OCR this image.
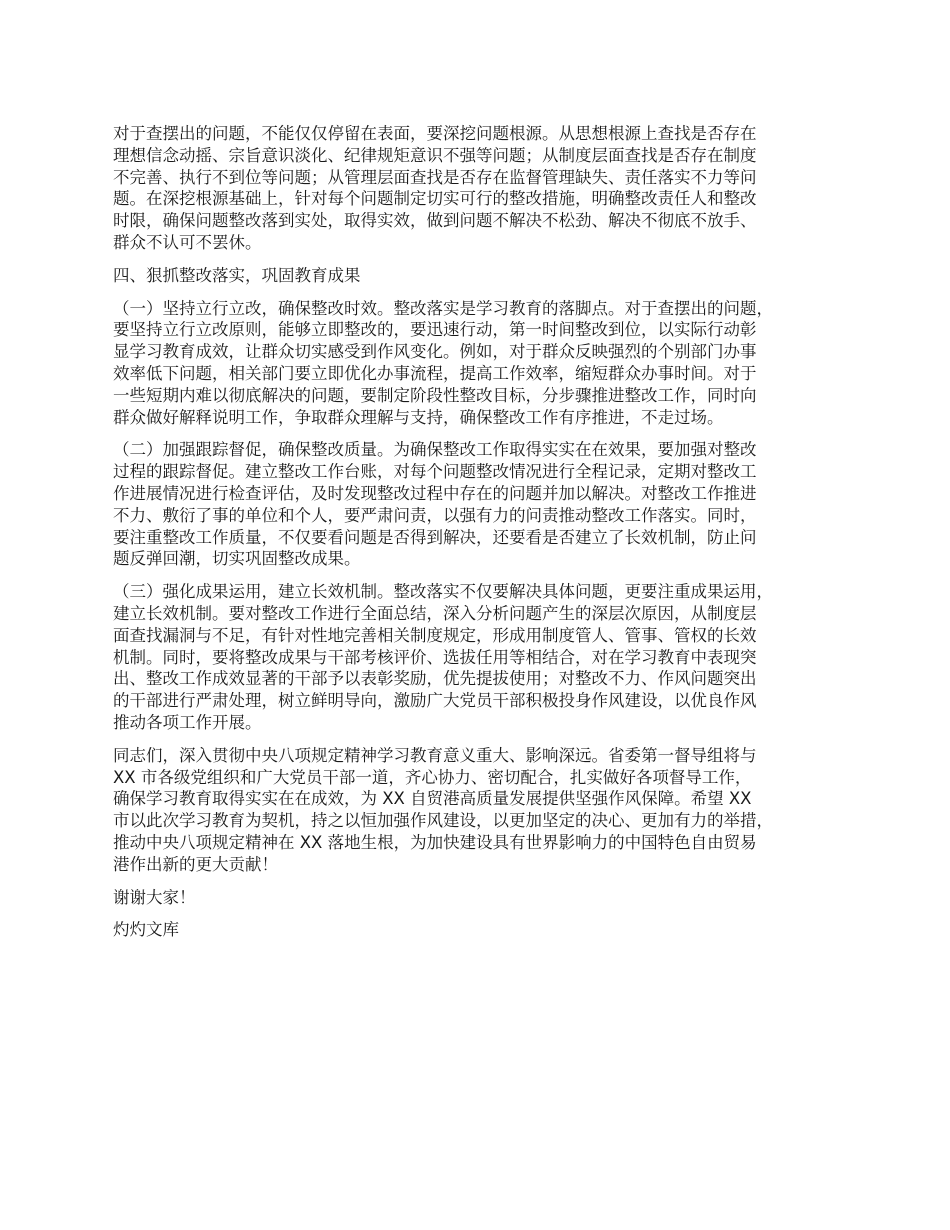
对于查摆出的问题，不能仅仅停留在表面，要深挖问题根源。从思想根源上查找是否存在
理想信念动摇、宗旨意识淡化、纪律规矩意识不强等问题；从制度层面查找是否存在制度
不完善、执行不到位等问题；从管理层面查找是否存在监督管理缺失、责任落实不力等问
题。在深挖根源基础上，针对每个问题制定切实可行的整改措施，明确整改责任人和整改
时限，确保问题整改落到实处，取得实效，做到问题不解决不松劲、解决不彻底不放手、
群众不认可不罢休。

四、狠抓整改落实，巩固教育成果

（一）坚持立行立改，确保整改时效。整改落实是学习教育的落脚点。对于查摆出的问题，
要坚持立行立改原则，能够立即整改的，要迅速行动，第一时间整改到位，以实际行动彰
显学习教育成效，让群众切实感受到作风变化。例如，对于群众反映强烈的个别部门办事
效率低下问题，相关部门要立即优化办事流程，提高工作效率，缩短群众办事时间。对于
一些短期内难以彻底解决的问题，要制定阶段性整改目标，分步骤推进整改工作，同时向
群众做好解释说明工作，争取群众理解与支持，确保整改工作有序推进，不走过场。

（二）加强跟踪督促，确保整改质量。为确保整改工作取得实实在在效果，要加强对整改
过程的跟踪督促。建立整改工作台账，对每个问题整改情况进行全程记录，定期对整改工
作进展情况进行检查评估，及时发现整改过程中存在的问题并加以解决。对整改工作推进
不力、敷衍了事的单位和个人，要严肃问责，以强有力的问责推动整改工作落实。同时，
要注重整改工作质量，不仅要看问题是否得到解决，还要看是否建立了长效机制，防止问
题反弹回潮，切实巩固整改成果。

（三）强化成果运用，建立长效机制。整改落实不仅要解决具体问题，更要注重成果运用，
建立长效机制。要对整改工作进行全面总结，深入分析问题产生的深层次原因，从制度层
面查找漏洞与不足，有针对性地完善相关制度规定，形成用制度管人、管事、管权的长效
机制。同时，要将整改成果与干部考核评价、选拔任用等相结合，对在学习教育中表现突
出、整改工作成效显著的干部予以表彰奖励，优先提拔使用；对整改不力、作风问题突出
的干部进行严肃处理，树立鲜明导向，激励广大党员干部积极投身作风建设，以优良作风
推动各项工作开展。

同志们，深入贯彻中央八项规定精神学习教育意义重大、影响深远。省委第一督导组将与
XX 市各级党组织和广大党员干部一道，齐心协力、密切配合，扎实做好各项督导工作，
确保学习教育取得实实在在成效，为 XX 自贸港高质量发展提供坚强作风保障。希望 XX
市以此次学习教育为契机，持之以恒加强作风建设，以更加坚定的决心、更加有力的举措，
推动中央八项规定精神在 XX 落地生根，为加快建设具有世界影响力的中国特色自由贸易
港作出新的更大贡献！

谢谢大家！

灼灼文库
